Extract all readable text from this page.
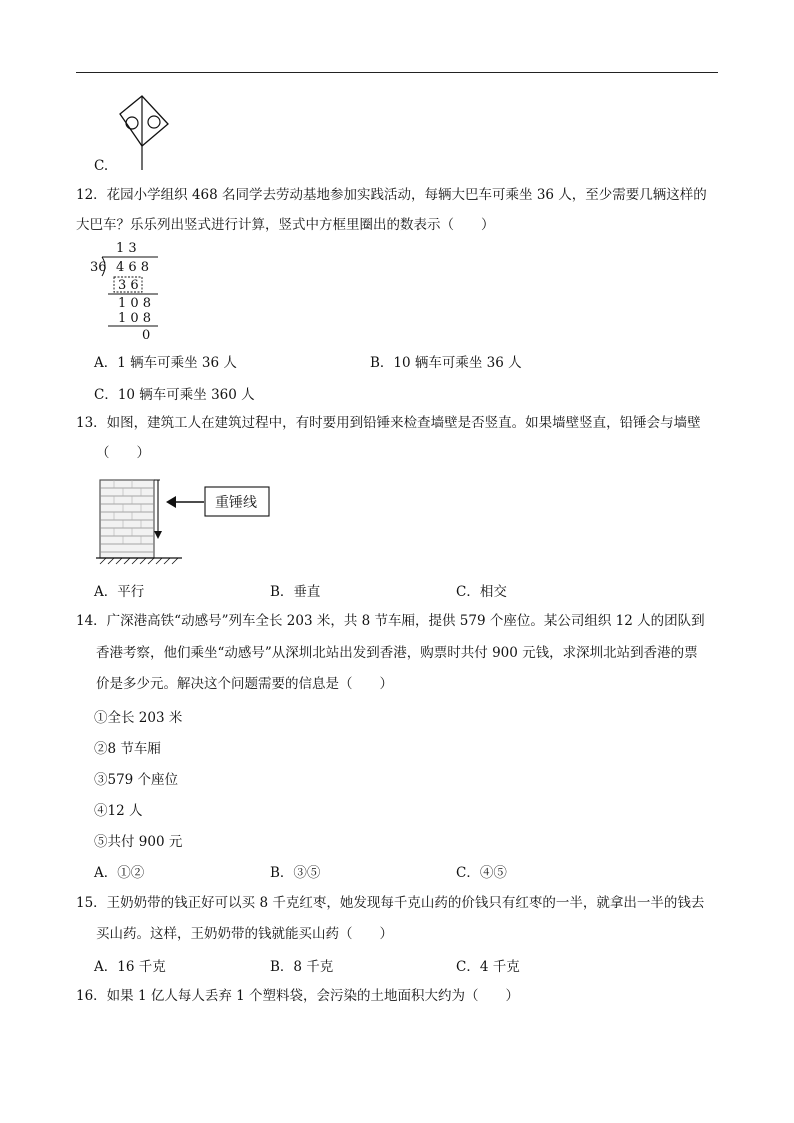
C.
12．花园小学组织 468 名同学去劳动基地参加实践活动，每辆大巴车可乘坐 36 人，至少需要几辆这样的
大巴车？乐乐列出竖式进行计算，竖式中方框里圈出的数表示（　　）
1 3
36 4 6 8
3 6
1 0 8
1 0 8
0
A．1 辆车可乘坐 36 人	B．10 辆车可乘坐 36 人
C．10 辆车可乘坐 360 人
13．如图，建筑工人在建筑过程中，有时要用到铅锤来检查墙壁是否竖直。如果墙壁竖直，铅锤会与墙壁
（　　）
重锤线
A．平行	B．垂直	C．相交
14．广深港高铁“动感号”列车全长 203 米，共 8 节车厢，提供 579 个座位。某公司组织 12 人的团队到
香港考察，他们乘坐“动感号”从深圳北站出发到香港，购票时共付 900 元钱，求深圳北站到香港的票
价是多少元。解决这个问题需要的信息是（　　）
①全长 203 米
②8 节车厢
③579 个座位
④12 人
⑤共付 900 元
A．①②	B．③⑤	C．④⑤
15．王奶奶带的钱正好可以买 8 千克红枣，她发现每千克山药的价钱只有红枣的一半，就拿出一半的钱去
买山药。这样，王奶奶带的钱就能买山药（　　）
A．16 千克	B．8 千克	C．4 千克
16．如果 1 亿人每人丢弃 1 个塑料袋，会污染的土地面积大约为（　　）
